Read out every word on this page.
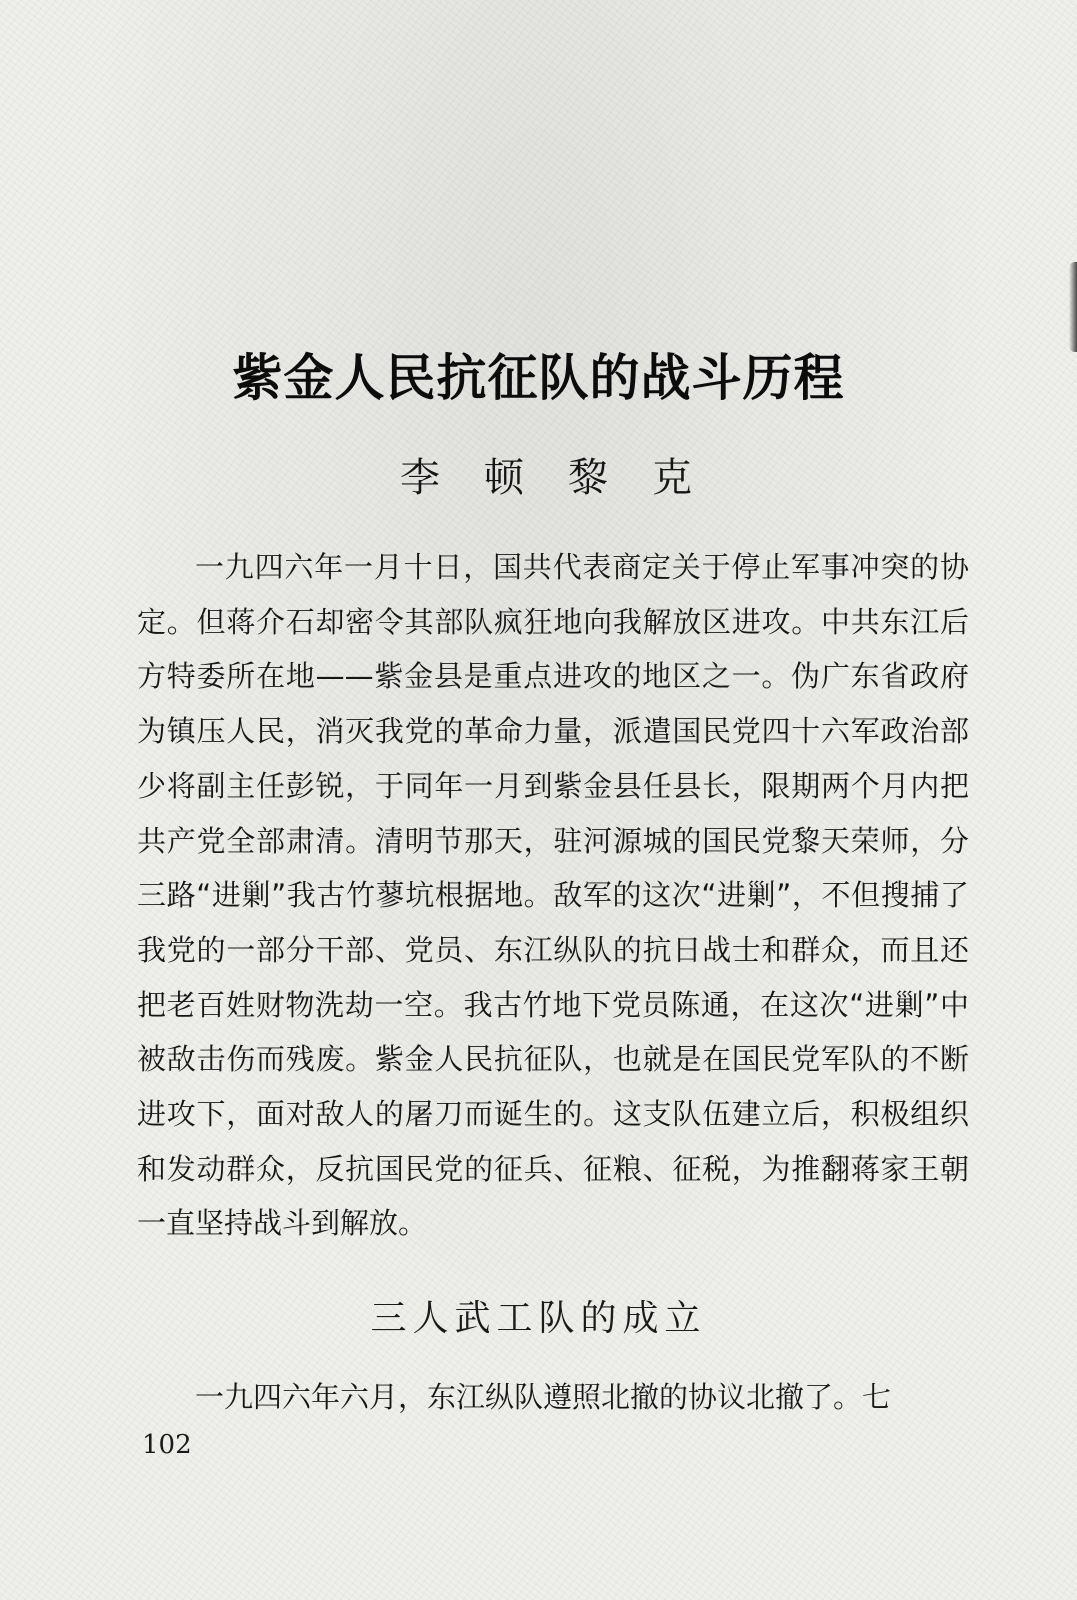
紫金人民抗征队的战斗历程
李顿黎克

一九四六年一月十日，国共代表商定关于停止军事冲突的协定。但蒋介石却密令其部队疯狂地向我解放区进攻。中共东江后方特委所在地——紫金县是重点进攻的地区之一。伪广东省政府为镇压人民，消灭我党的革命力量，派遣国民党四十六军政治部少将副主任彭锐，于同年一月到紫金县任县长，限期两个月内把共产党全部肃清。清明节那天，驻河源城的国民党黎天荣师，分三路“进剿”我古竹蓼坑根据地。敌军的这次“进剿”，不但搜捕了我党的一部分干部、党员、东江纵队的抗日战士和群众，而且还把老百姓财物洗劫一空。我古竹地下党员陈通，在这次“进剿”中被敌击伤而残废。紫金人民抗征队，也就是在国民党军队的不断进攻下，面对敌人的屠刀而诞生的。这支队伍建立后，积极组织和发动群众，反抗国民党的征兵、征粮、征税，为推翻蒋家王朝一直坚持战斗到解放。

三人武工队的成立

一九四六年六月，东江纵队遵照北撤的协议北撤了。七

102
